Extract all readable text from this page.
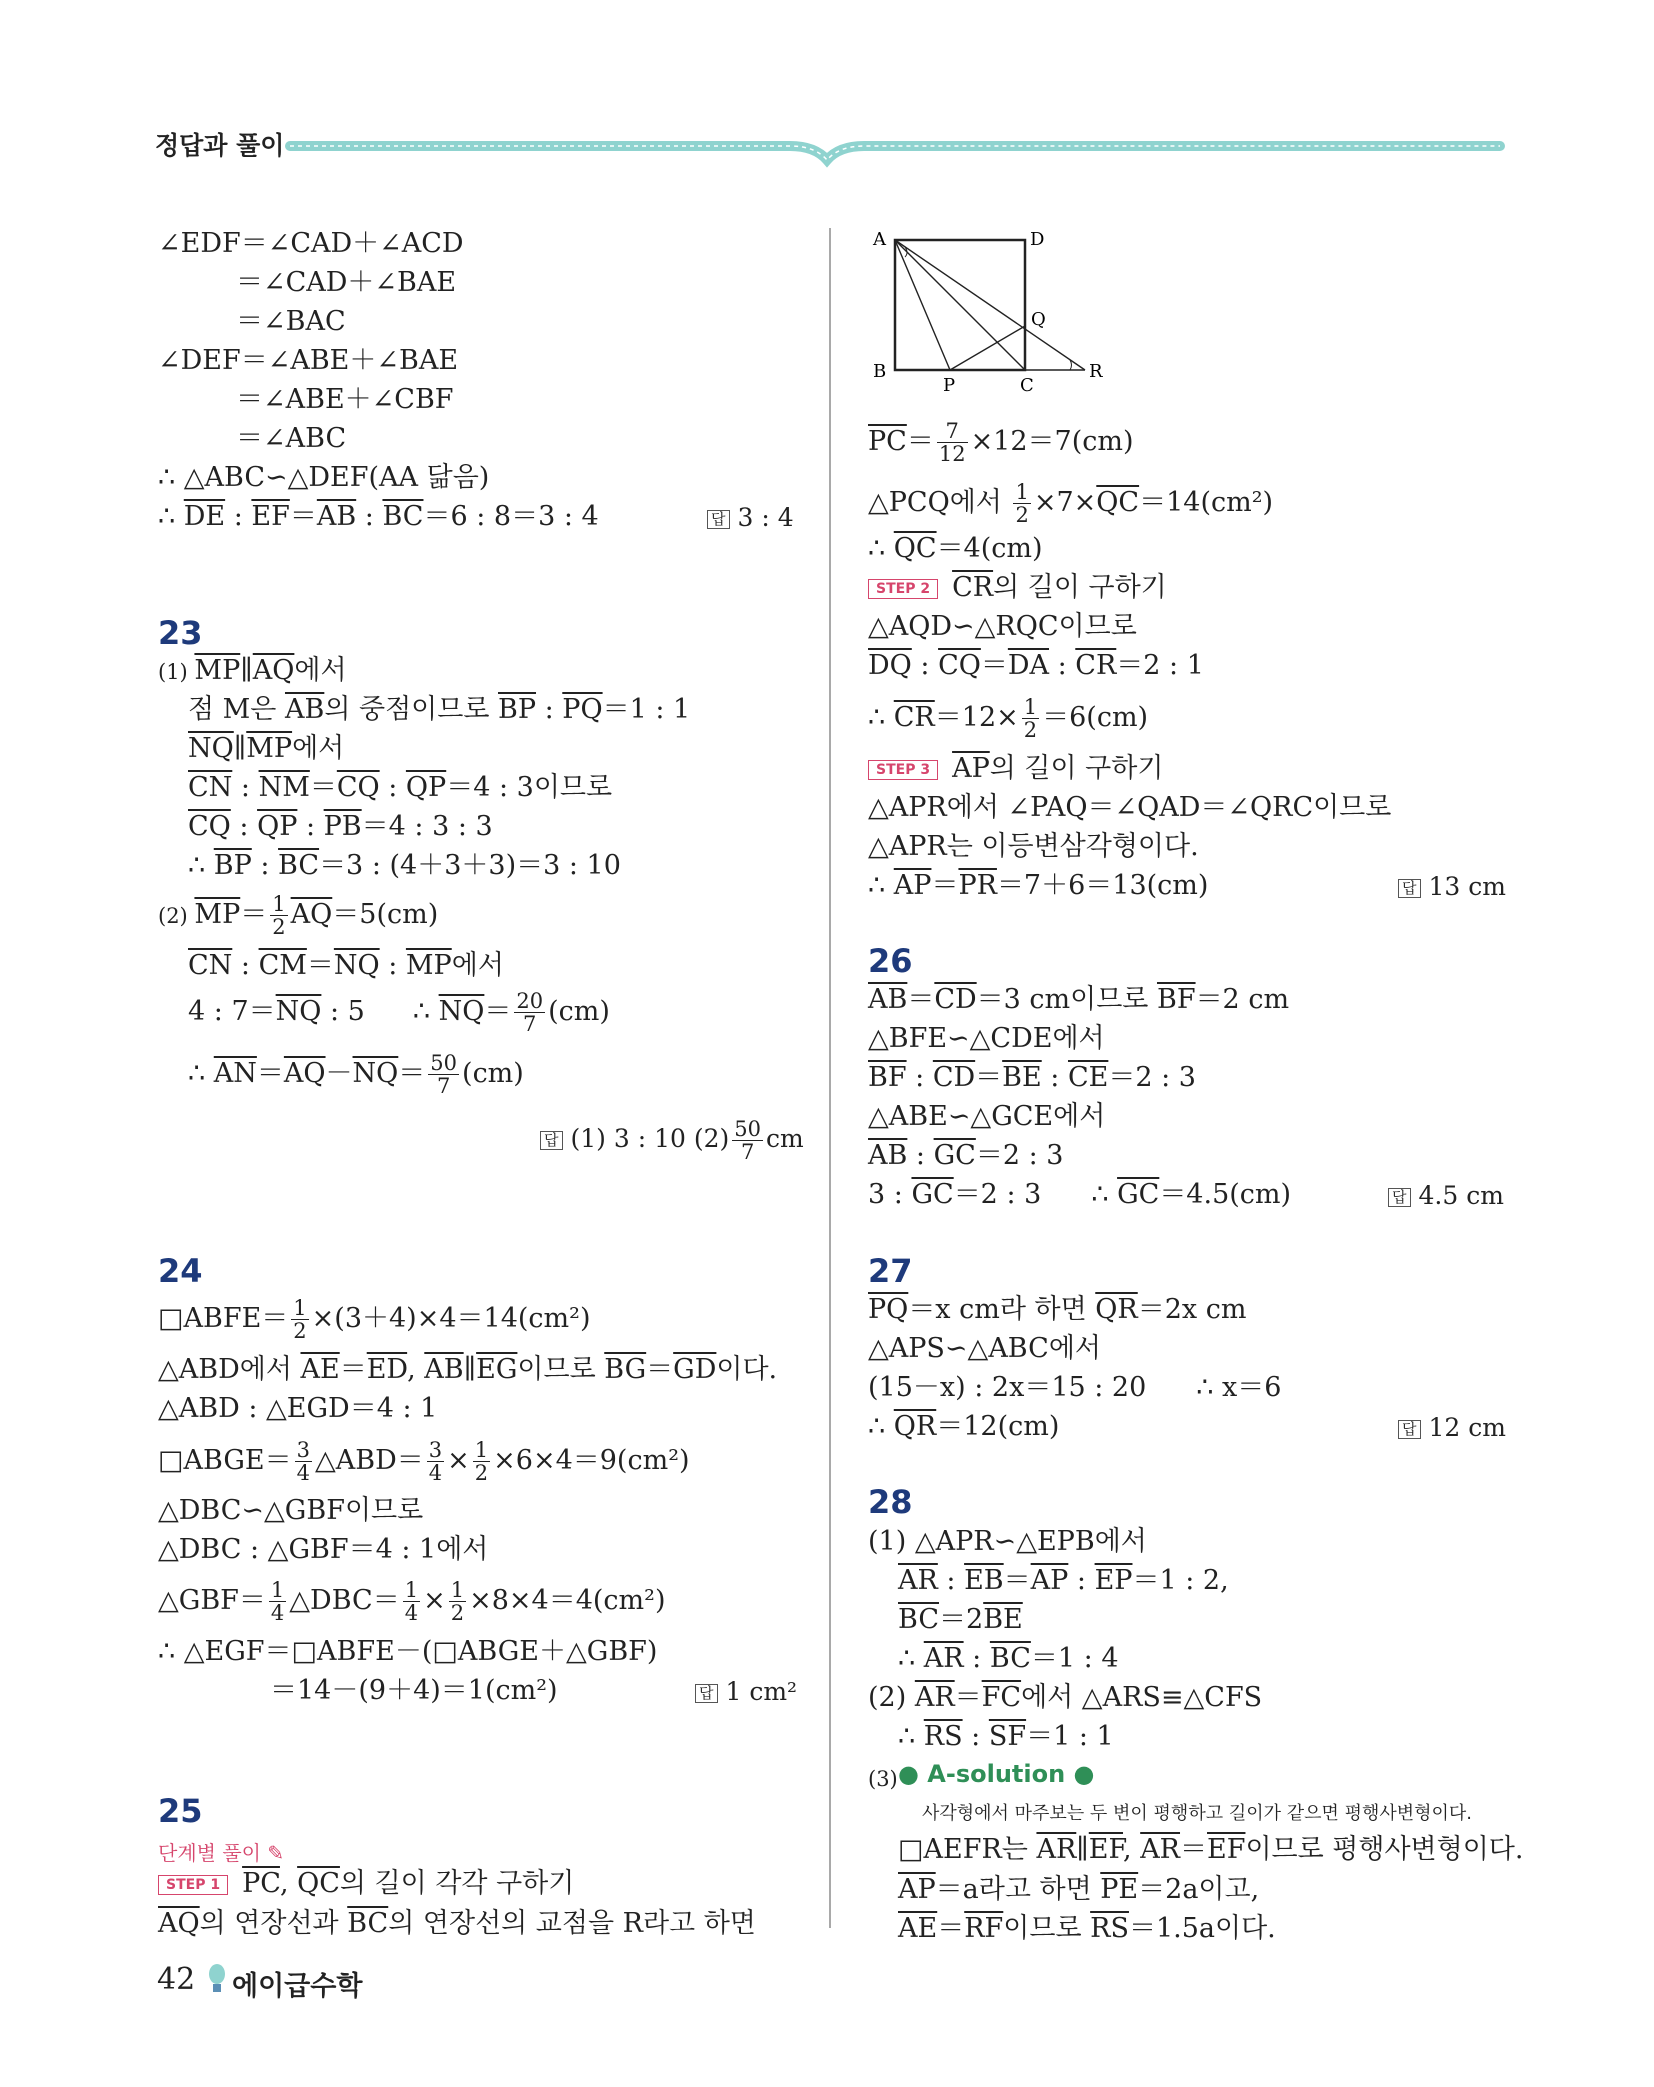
정답과 풀이
∠EDF＝∠CAD＋∠ACD
＝∠CAD＋∠BAE
＝∠BAC
∠DEF＝∠ABE＋∠BAE
＝∠ABE＋∠CBF
＝∠ABC
∴ △ABC∽△DEF(AA 닮음)
∴ $\overline{DE}$ : $\overline{EF}=\overline{AB}$ : $\overline{BC}=6$ : 8＝3 : 4	답 3 : 4
23
(1) $\overline{MP}\parallel\overline{AQ}$에서
점 M은 $\overline{AB}$의 중점이므로 $\overline{BP}$ : $\overline{PQ}=1$ : 1
$\overline{NQ}\parallel\overline{MP}$에서
$\overline{CN}$ : $\overline{NM}=\overline{CQ}$ : $\overline{QP}=4$ : 3이므로
$\overline{CQ}$ : $\overline{QP}$ : $\overline{PB}=4$ : 3 : 3
∴ $\overline{BP}$ : $\overline{BC}=3$ : (4＋3＋3)＝3 : 10
(2) $\overline{MP}= \frac{1}{2} \overline{AQ}=5(cm)$
$\overline{CN}$ : $\overline{CM}=\overline{NQ}$ : $\overline{MP}$에서
4 : $7=\overline{NQ}$ : 5 ∴ $\overline{NQ}= \frac{20}{7} (cm)$
∴ $\overline{AN}=\overline{AQ}-\overline{NQ}= \frac{50}{7} (cm)$
답 (1) 3 : 10 $(2) \frac{50}{7}$ cm
24
□ABFE＝ $\frac{1}{2} \times(3+4)\times 4=14(cm^2)$
△ABD에서 $\overline{AE}=\overline{ED}$, $\overline{AB}\parallel\overline{EG}$이므로 $\overline{BG}=\overline{GD}$이다.
△ABD : △EGD＝4 : 1
□ABGE＝ $\frac{3}{4}$ △ABD＝ $\frac{3}{4} \times \frac{1}{2} \times 6\times 4=9(cm^2)$
△DBC∽△GBF이므로
△DBC : △GBF＝4 : 1에서
△GBF＝ $\frac{1}{4}$ △DBC＝ $\frac{1}{4} \times \frac{1}{2} \times 8\times 4=4(cm^2)$
∴ △EGF＝□ABFE－(□ABGE＋△GBF)
＝14－(9＋4)＝1(cm²)	답 1 cm²
25
단계별 풀이 ✎
STEP 1 $\overline{PC}$, $\overline{QC}$의 길이 각각 구하기
$\overline{AQ}$의 연장선과 $\overline{BC}$의 연장선의 교점을 R라고 하면
A	D
B
P	C
Q
R
$\overline{PC}= \frac{7}{12} \times 12=7(cm)$
△PCQ에서 $\frac{1}{2} \times 7\times\overline{QC}=14(cm^2)$
∴ $\overline{QC}=4(cm)$
STEP 2 $\overline{CR}$의 길이 구하기
△AQD∽△RQC이므로
$\overline{DQ}$ : $\overline{CQ}=\overline{DA}$ : $\overline{CR}=2$ : 1
∴ $\overline{CR}=12\times \frac{1}{2} =6(cm)$
STEP 3 $\overline{AP}$의 길이 구하기
△APR에서 ∠PAQ＝∠QAD＝∠QRC이므로
△APR는 이등변삼각형이다.
∴ $\overline{AP}=\overline{PR}=7+6=13(cm)$	답 13 cm
26
$\overline{AB}=\overline{CD}=3$ cm이므로 $\overline{BF}=2$ cm
△BFE∽△CDE에서
$\overline{BF}$ : $\overline{CD}=\overline{BE}$ : $\overline{CE}=2$ : 3
△ABE∽△GCE에서
$\overline{AB}$ : $\overline{GC}=2$ : 3
3 : $\overline{GC}=2$ : 3 ∴ $\overline{GC}=4.5(cm)$	답 4.5 cm
27
$\overline{PQ}=x$ cm라 하면 $\overline{QR}=2x$ cm
△APS∽△ABC에서
(15－x) : 2x＝15 : 20 ∴ x＝6
∴ $\overline{QR}=12(cm)$	답 12 cm
28
(1) △APR∽△EPB에서
$\overline{AR}$ : $\overline{EB}=\overline{AP}$ : $\overline{EP}=1$ : 2,
$\overline{BC}=2\overline{BE}$
∴ $\overline{AR}$ : $\overline{BC}=1$ : 4
(2) $\overline{AR}=\overline{FC}$에서 △ARS≡△CFS
∴ $\overline{RS}$ : $\overline{SF}=1$ : 1
(3) ● A-solution ●
사각형에서 마주보는 두 변이 평행하고 길이가 같으면 평행사변형이다.
□AEFR는 $\overline{AR}\parallel\overline{EF}$, $\overline{AR}=\overline{EF}$이므로 평행사변형이다.
$\overline{AP}=a$라고 하면 $\overline{PE}=2a$이고,
$\overline{AE}=\overline{RF}$이므로 $\overline{RS}=1.5a$이다.
42 에이급수학
